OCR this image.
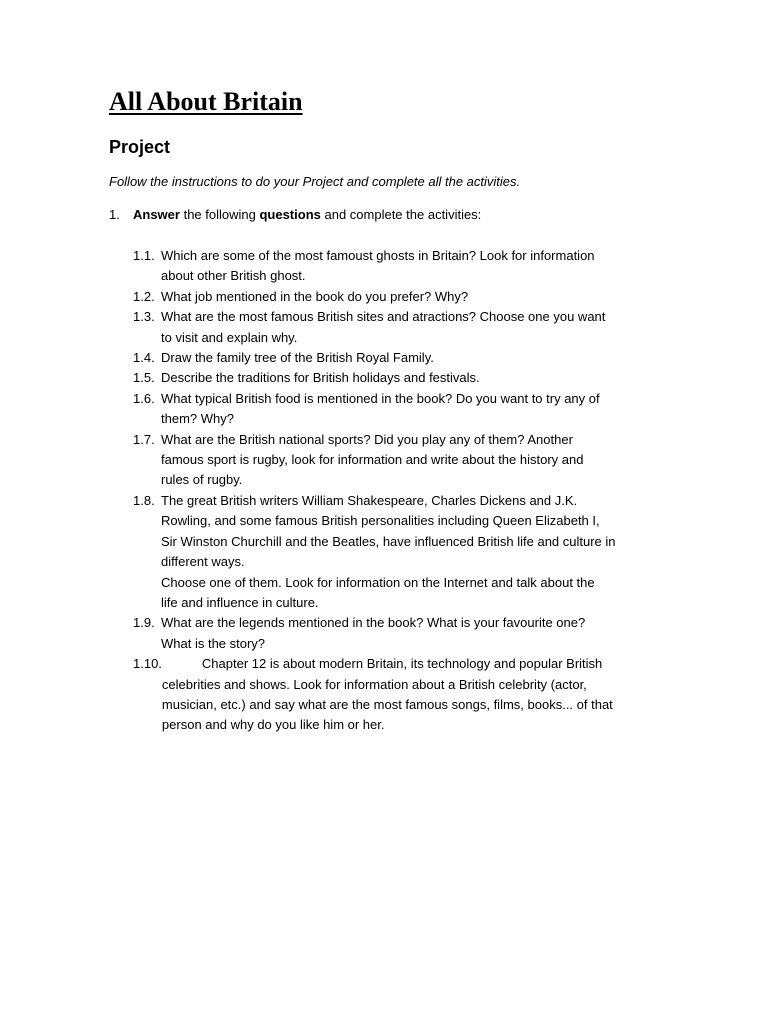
All About Britain
Project

Follow the instructions to do your Project and complete all the activities.

1. Answer the following questions and complete the activities:
1.1. Which are some of the most famoust ghosts in Britain? Look for information
about other British ghost.
1.2. What job mentioned in the book do you prefer? Why?
1.3. What are the most famous British sites and atractions? Choose one you want
to visit and explain why.
1.4. Draw the family tree of the British Royal Family.
1.5. Describe the traditions for British holidays and festivals.
1.6. What typical British food is mentioned in the book? Do you want to try any of
them? Why?
1.7. What are the British national sports? Did you play any of them? Another
famous sport is rugby, look for information and write about the history and
rules of rugby.
1.8. The great British writers William Shakespeare, Charles Dickens and J.K.
Rowling, and some famous British personalities including Queen Elizabeth I,
Sir Winston Churchill and the Beatles, have influenced British life and culture in
different ways.
Choose one of them. Look for information on the Internet and talk about the
life and influence in culture.
1.9. What are the legends mentioned in the book? What is your favourite one?
What is the story?
1.10.	Chapter 12 is about modern Britain, its technology and popular British
celebrities and shows. Look for information about a British celebrity (actor,
musician, etc.) and say what are the most famous songs, films, books... of that
person and why do you like him or her.
